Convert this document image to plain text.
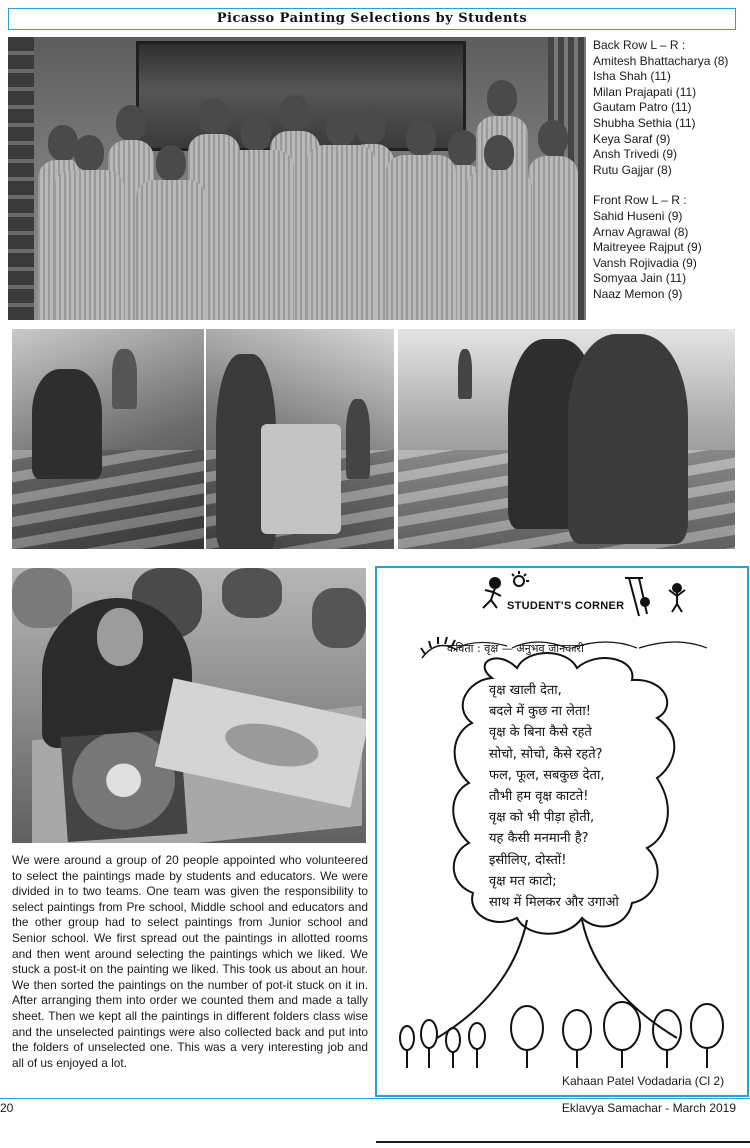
Picasso Painting Selections by Students
Back Row L – R :
Amitesh Bhattacharya (8)
Isha Shah (11)
Milan Prajapati (11)
Gautam Patro (11)
Shubha Sethia (11)
Keya Saraf (9)
Ansh Trivedi (9)
Rutu Gajjar (8)
Front Row L – R :
Sahid Huseni (9)
Arnav Agrawal (8)
Maitreyee Rajput (9)
Vansh Rojivadia (9)
Somyaa Jain (11)
Naaz Memon (9)
We were around a group of 20 people appointed who volunteered to select the paintings made by students and educators. We were divided in to two teams. One team was given the responsibility to select paintings from Pre school, Middle school and educators and the other group had to select paintings from Junior school and Senior school. We first spread out the paintings in allotted rooms and then went around selecting the paintings which we liked. We stuck a post-it on the painting we liked. This took us about an hour. We then sorted the paintings on the number of pot-it stuck on it in. After arranging them into order we counted them and made a tally sheet. Then we kept all the paintings in different folders class wise and the unselected paintings were also collected back and put into the folders of unselected one. This was a very interesting job and all of us enjoyed a lot.
STUDENT'S CORNER
कविता : वृक्ष — अनुभव जानकारी
वृक्ष खाली देता,
बदले में कुछ ना लेता!
वृक्ष के बिना कैसे रहते
सोचो, सोचो, कैसे रहते?
फल, फूल, सबकुछ देता,
तौभी हम वृक्ष काटते!
वृक्ष को भी पीड़ा होती,
यह कैसी मनमानी है?
इसीलिए, दोस्तों!
वृक्ष मत काटो;
साथ में मिलकर और उगाओ
Kahaan Patel Vodadaria (Cl 2)
20	Eklavya Samachar - March 2019
